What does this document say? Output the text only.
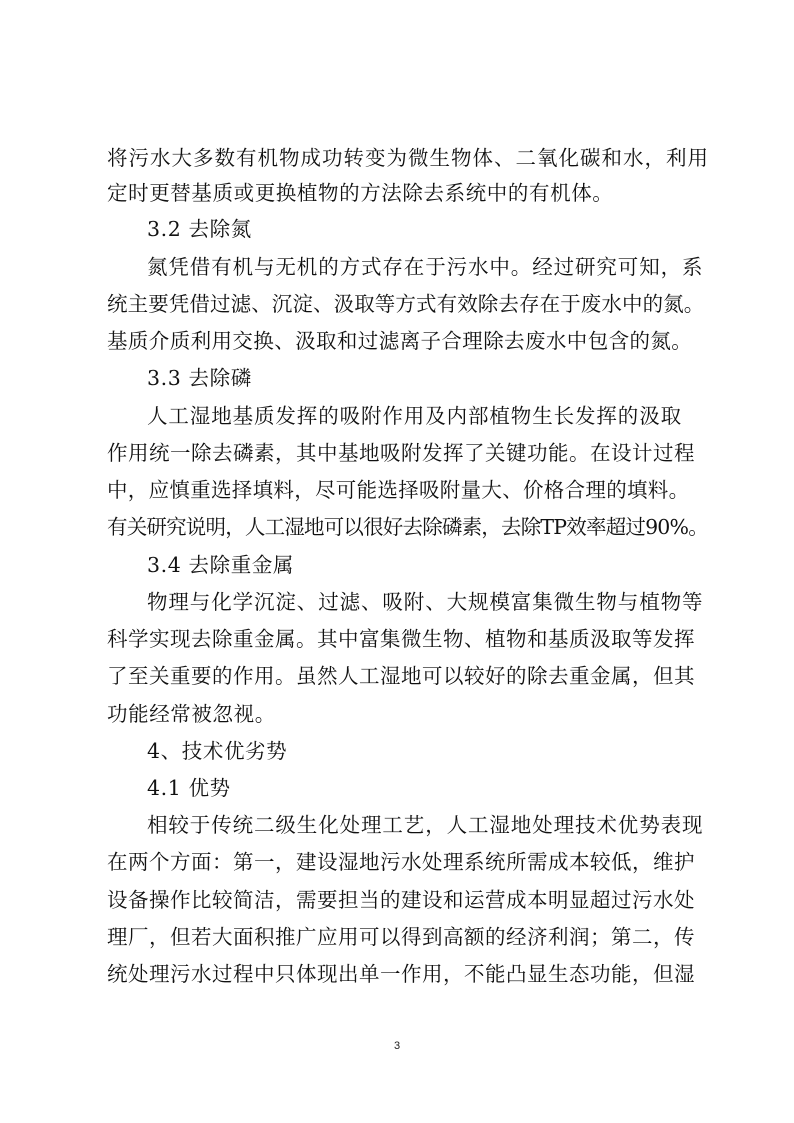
将污水大多数有机物成功转变为微生物体、二氧化碳和水，利用
定时更替基质或更换植物的方法除去系统中的有机体。
3.2 去除氮
氮凭借有机与无机的方式存在于污水中。经过研究可知，系
统主要凭借过滤、沉淀、汲取等方式有效除去存在于废水中的氮。
基质介质利用交换、汲取和过滤离子合理除去废水中包含的氮。
3.3 去除磷
人工湿地基质发挥的吸附作用及内部植物生长发挥的汲取
作用统一除去磷素，其中基地吸附发挥了关键功能。在设计过程
中，应慎重选择填料，尽可能选择吸附量大、价格合理的填料。
有关研究说明，人工湿地可以很好去除磷素，去除TP效率超过90%。
3.4 去除重金属
物理与化学沉淀、过滤、吸附、大规模富集微生物与植物等
科学实现去除重金属。其中富集微生物、植物和基质汲取等发挥
了至关重要的作用。虽然人工湿地可以较好的除去重金属，但其
功能经常被忽视。
4、技术优劣势
4.1 优势
相较于传统二级生化处理工艺，人工湿地处理技术优势表现
在两个方面：第一，建设湿地污水处理系统所需成本较低，维护
设备操作比较简洁，需要担当的建设和运营成本明显超过污水处
理厂，但若大面积推广应用可以得到高额的经济利润；第二，传
统处理污水过程中只体现出单一作用，不能凸显生态功能，但湿
3
